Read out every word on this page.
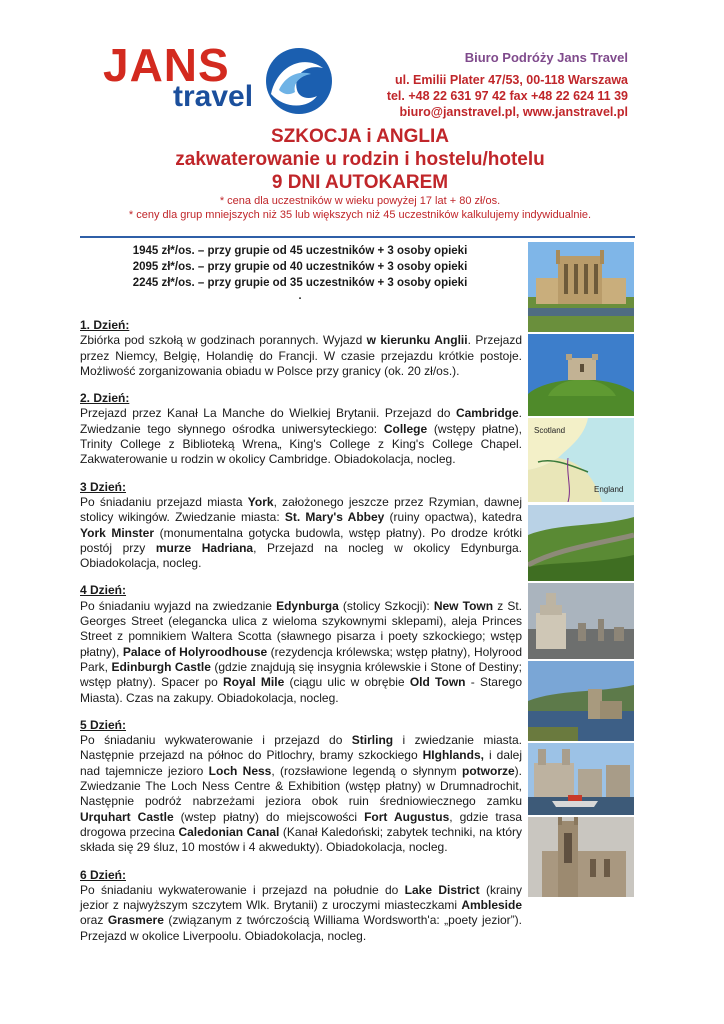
JANS
travel
Biuro Podróży Jans Travel
ul. Emilii Plater 47/53, 00-118 Warszawa
tel. +48 22 631 97 42 fax +48 22 624 11 39
biuro@janstravel.pl, www.janstravel.pl
SZKOCJA i ANGLIA
zakwaterowanie u rodzin i hostelu/hotelu
9 DNI AUTOKAREM
* cena dla uczestników w wieku powyżej 17 lat + 80 zł/os.
* ceny dla grup mniejszych niż 35 lub większych niż 45 uczestników kalkulujemy indywidualnie.
1945 zł*/os. – przy grupie od 45 uczestników + 3 osoby opieki
2095 zł*/os. – przy grupie od 40 uczestników + 3 osoby opieki
2245 zł*/os. – przy grupie od 35 uczestników + 3 osoby opieki
.
1. Dzień:
Zbiórka pod szkołą w godzinach porannych. Wyjazd w kierunku Anglii. Przejazd przez Niemcy, Belgię, Holandię do Francji. W czasie przejazdu krótkie postoje. Możliwość zorganizowania obiadu w Polsce przy granicy (ok. 20 zł/os.).
2. Dzień:
Przejazd przez Kanał La Manche do Wielkiej Brytanii. Przejazd do Cambridge. Zwiedzanie tego słynnego ośrodka uniwersyteckiego: College (wstępy płatne), Trinity College z Biblioteką Wrena„ King's College z King's College Chapel. Zakwaterowanie u rodzin w okolicy Cambridge. Obiadokolacja, nocleg.
3 Dzień:
Po śniadaniu przejazd miasta York, założonego jeszcze przez Rzymian, dawnej stolicy wikingów. Zwiedzanie miasta: St. Mary's Abbey (ruiny opactwa), katedra York Minster (monumentalna gotycka budowla, wstęp płatny). Po drodze krótki postój przy murze Hadriana, Przejazd na nocleg w okolicy Edynburga. Obiadokolacja, nocleg.
4 Dzień:
Po śniadaniu wyjazd na zwiedzanie Edynburga (stolicy Szkocji): New Town z St. Georges Street (elegancka ulica z wieloma szykownymi sklepami), aleja Princes Street z pomnikiem Waltera Scotta (sławnego pisarza i poety szkockiego; wstęp płatny), Palace of Holyroodhouse (rezydencja królewska; wstęp płatny), Holyrood Park, Edinburgh Castle (gdzie znajdują się insygnia królewskie i Stone of Destiny; wstęp płatny). Spacer po Royal Mile (ciągu ulic w obrębie Old Town - Starego Miasta). Czas na zakupy. Obiadokolacja, nocleg.
5 Dzień:
Po śniadaniu wykwaterowanie i przejazd do Stirling i zwiedzanie miasta. Następnie przejazd na północ do Pitlochry, bramy szkockiego HIghlands, i dalej nad tajemnicze jezioro Loch Ness, (rozsławione legendą o słynnym potworze). Zwiedzanie The Loch Ness Centre & Exhibition (wstęp płatny) w Drumnadrochit, Następnie podróż nabrzeżami jeziora obok ruin średniowiecznego zamku Urquhart Castle (wstep płatny) do miejscowości Fort Augustus, gdzie trasa drogowa przecina Caledonian Canal (Kanał Kaledoński; zabytek techniki, na który składa się 29 śluz, 10 mostów i 4 akwedukty). Obiadokolacja, nocleg.
6 Dzień:
Po śniadaniu wykwaterowanie i przejazd na południe do Lake District (krainy jezior z najwyższym szczytem Wlk. Brytanii) z uroczymi miasteczkami Ambleside oraz Grasmere (związanym z twórczością Williama Wordsworth'a: „poety jezior”). Przejazd w okolice Liverpoolu. Obiadokolacja, nocleg.
Scotland
England
